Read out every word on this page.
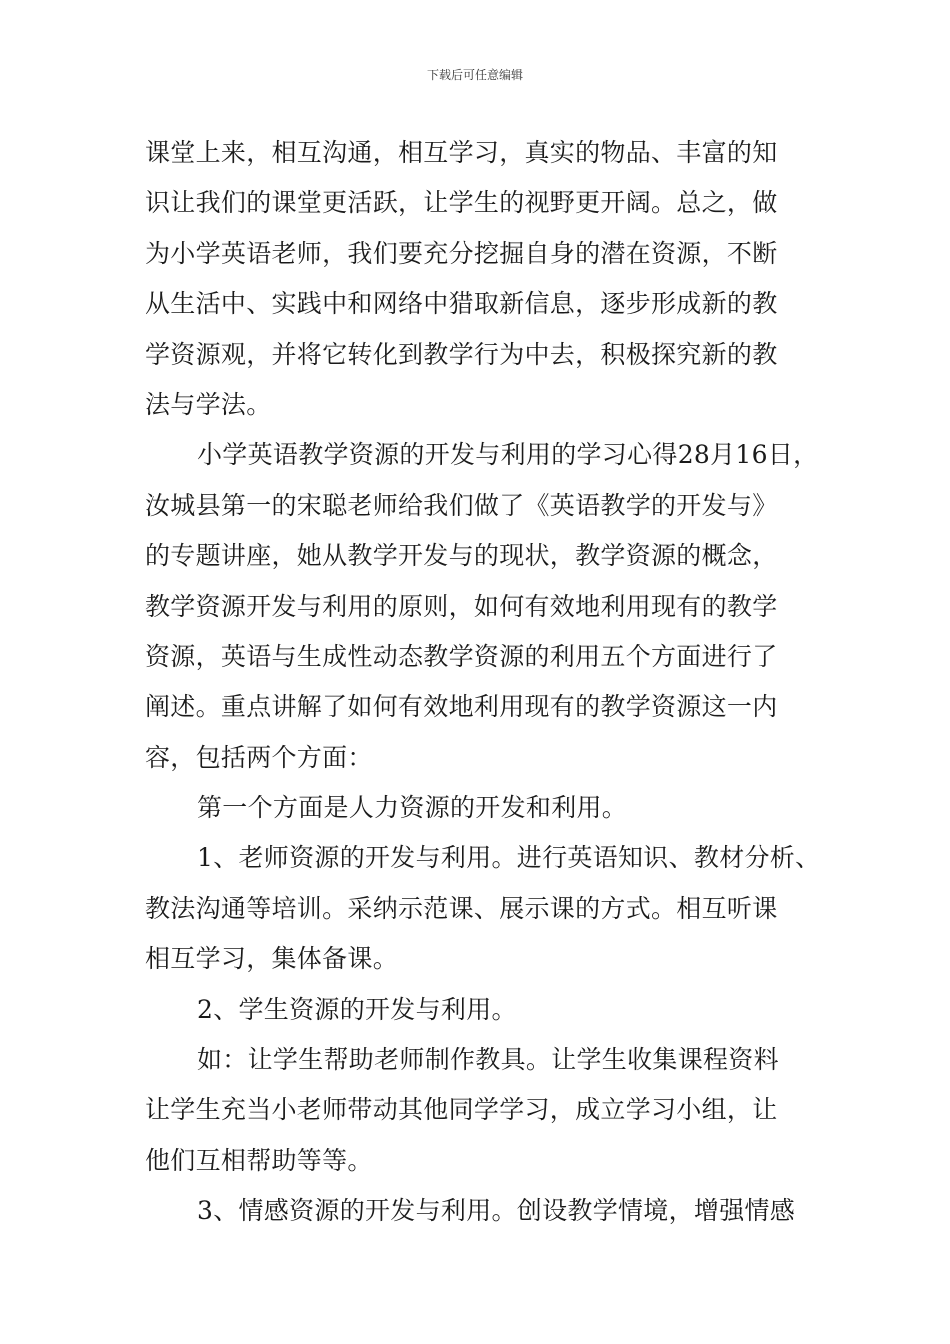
下载后可任意编辑
课堂上来，相互沟通，相互学习，真实的物品、丰富的知
识让我们的课堂更活跃，让学生的视野更开阔。总之，做
为小学英语老师，我们要充分挖掘自身的潜在资源，不断
从生活中、实践中和网络中猎取新信息，逐步形成新的教
学资源观，并将它转化到教学行为中去，积极探究新的教
法与学法。
小学英语教学资源的开发与利用的学习心得28月16日，
汝城县第一的宋聪老师给我们做了《英语教学的开发与》
的专题讲座，她从教学开发与的现状，教学资源的概念，
教学资源开发与利用的原则，如何有效地利用现有的教学
资源，英语与生成性动态教学资源的利用五个方面进行了
阐述。重点讲解了如何有效地利用现有的教学资源这一内
容，包括两个方面：
第一个方面是人力资源的开发和利用。
1、老师资源的开发与利用。进行英语知识、教材分析、
教法沟通等培训。采纳示范课、展示课的方式。相互听课
相互学习，集体备课。
2、学生资源的开发与利用。
如：让学生帮助老师制作教具。让学生收集课程资料
让学生充当小老师带动其他同学学习，成立学习小组，让
他们互相帮助等等。
3、情感资源的开发与利用。创设教学情境，增强情感
